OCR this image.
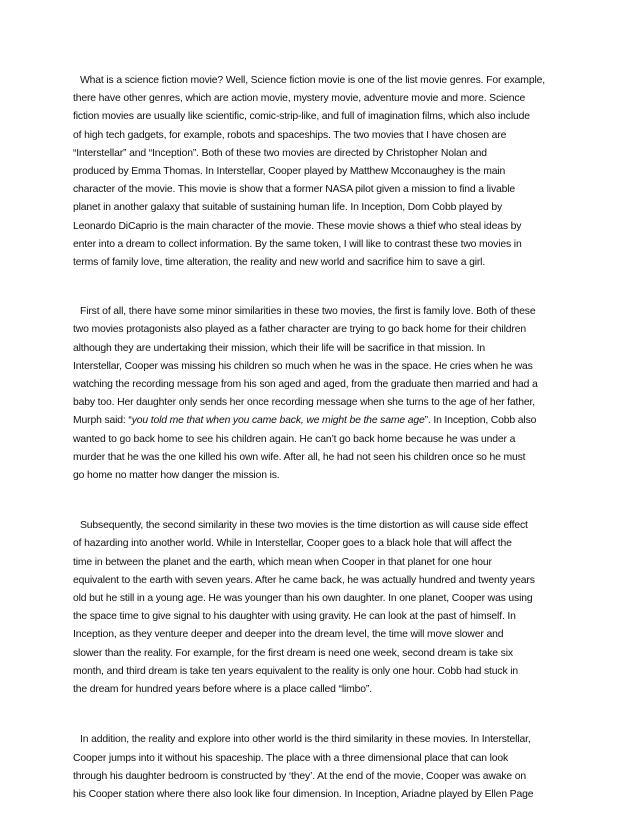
What is a science fiction movie? Well, Science fiction movie is one of the list movie genres. For example,
there have other genres, which are action movie, mystery movie, adventure movie and more. Science
fiction movies are usually like scientific, comic-strip-like, and full of imagination films, which also include
of high tech gadgets, for example, robots and spaceships. The two movies that I have chosen are
“Interstellar” and “Inception”. Both of these two movies are directed by Christopher Nolan and
produced by Emma Thomas. In Interstellar, Cooper played by Matthew Mcconaughey is the main
character of the movie. This movie is show that a former NASA pilot given a mission to find a livable
planet in another galaxy that suitable of sustaining human life. In Inception, Dom Cobb played by
Leonardo DiCaprio is the main character of the movie. These movie shows a thief who steal ideas by
enter into a dream to collect information. By the same token, I will like to contrast these two movies in
terms of family love, time alteration, the reality and new world and sacrifice him to save a girl.
First of all, there have some minor similarities in these two movies, the first is family love. Both of these
two movies protagonists also played as a father character are trying to go back home for their children
although they are undertaking their mission, which their life will be sacrifice in that mission. In
Interstellar, Cooper was missing his children so much when he was in the space. He cries when he was
watching the recording message from his son aged and aged, from the graduate then married and had a
baby too. Her daughter only sends her once recording message when she turns to the age of her father,
Murph said: “you told me that when you came back, we might be the same age”. In Inception, Cobb also
wanted to go back home to see his children again. He can’t go back home because he was under a
murder that he was the one killed his own wife. After all, he had not seen his children once so he must
go home no matter how danger the mission is.
Subsequently, the second similarity in these two movies is the time distortion as will cause side effect
of hazarding into another world. While in Interstellar, Cooper goes to a black hole that will affect the
time in between the planet and the earth, which mean when Cooper in that planet for one hour
equivalent to the earth with seven years. After he came back, he was actually hundred and twenty years
old but he still in a young age. He was younger than his own daughter. In one planet, Cooper was using
the space time to give signal to his daughter with using gravity. He can look at the past of himself. In
Inception, as they venture deeper and deeper into the dream level, the time will move slower and
slower than the reality. For example, for the first dream is need one week, second dream is take six
month, and third dream is take ten years equivalent to the reality is only one hour. Cobb had stuck in
the dream for hundred years before where is a place called “limbo”.
In addition, the reality and explore into other world is the third similarity in these movies. In Interstellar,
Cooper jumps into it without his spaceship. The place with a three dimensional place that can look
through his daughter bedroom is constructed by ‘they’. At the end of the movie, Cooper was awake on
his Cooper station where there also look like four dimension. In Inception, Ariadne played by Ellen Page
